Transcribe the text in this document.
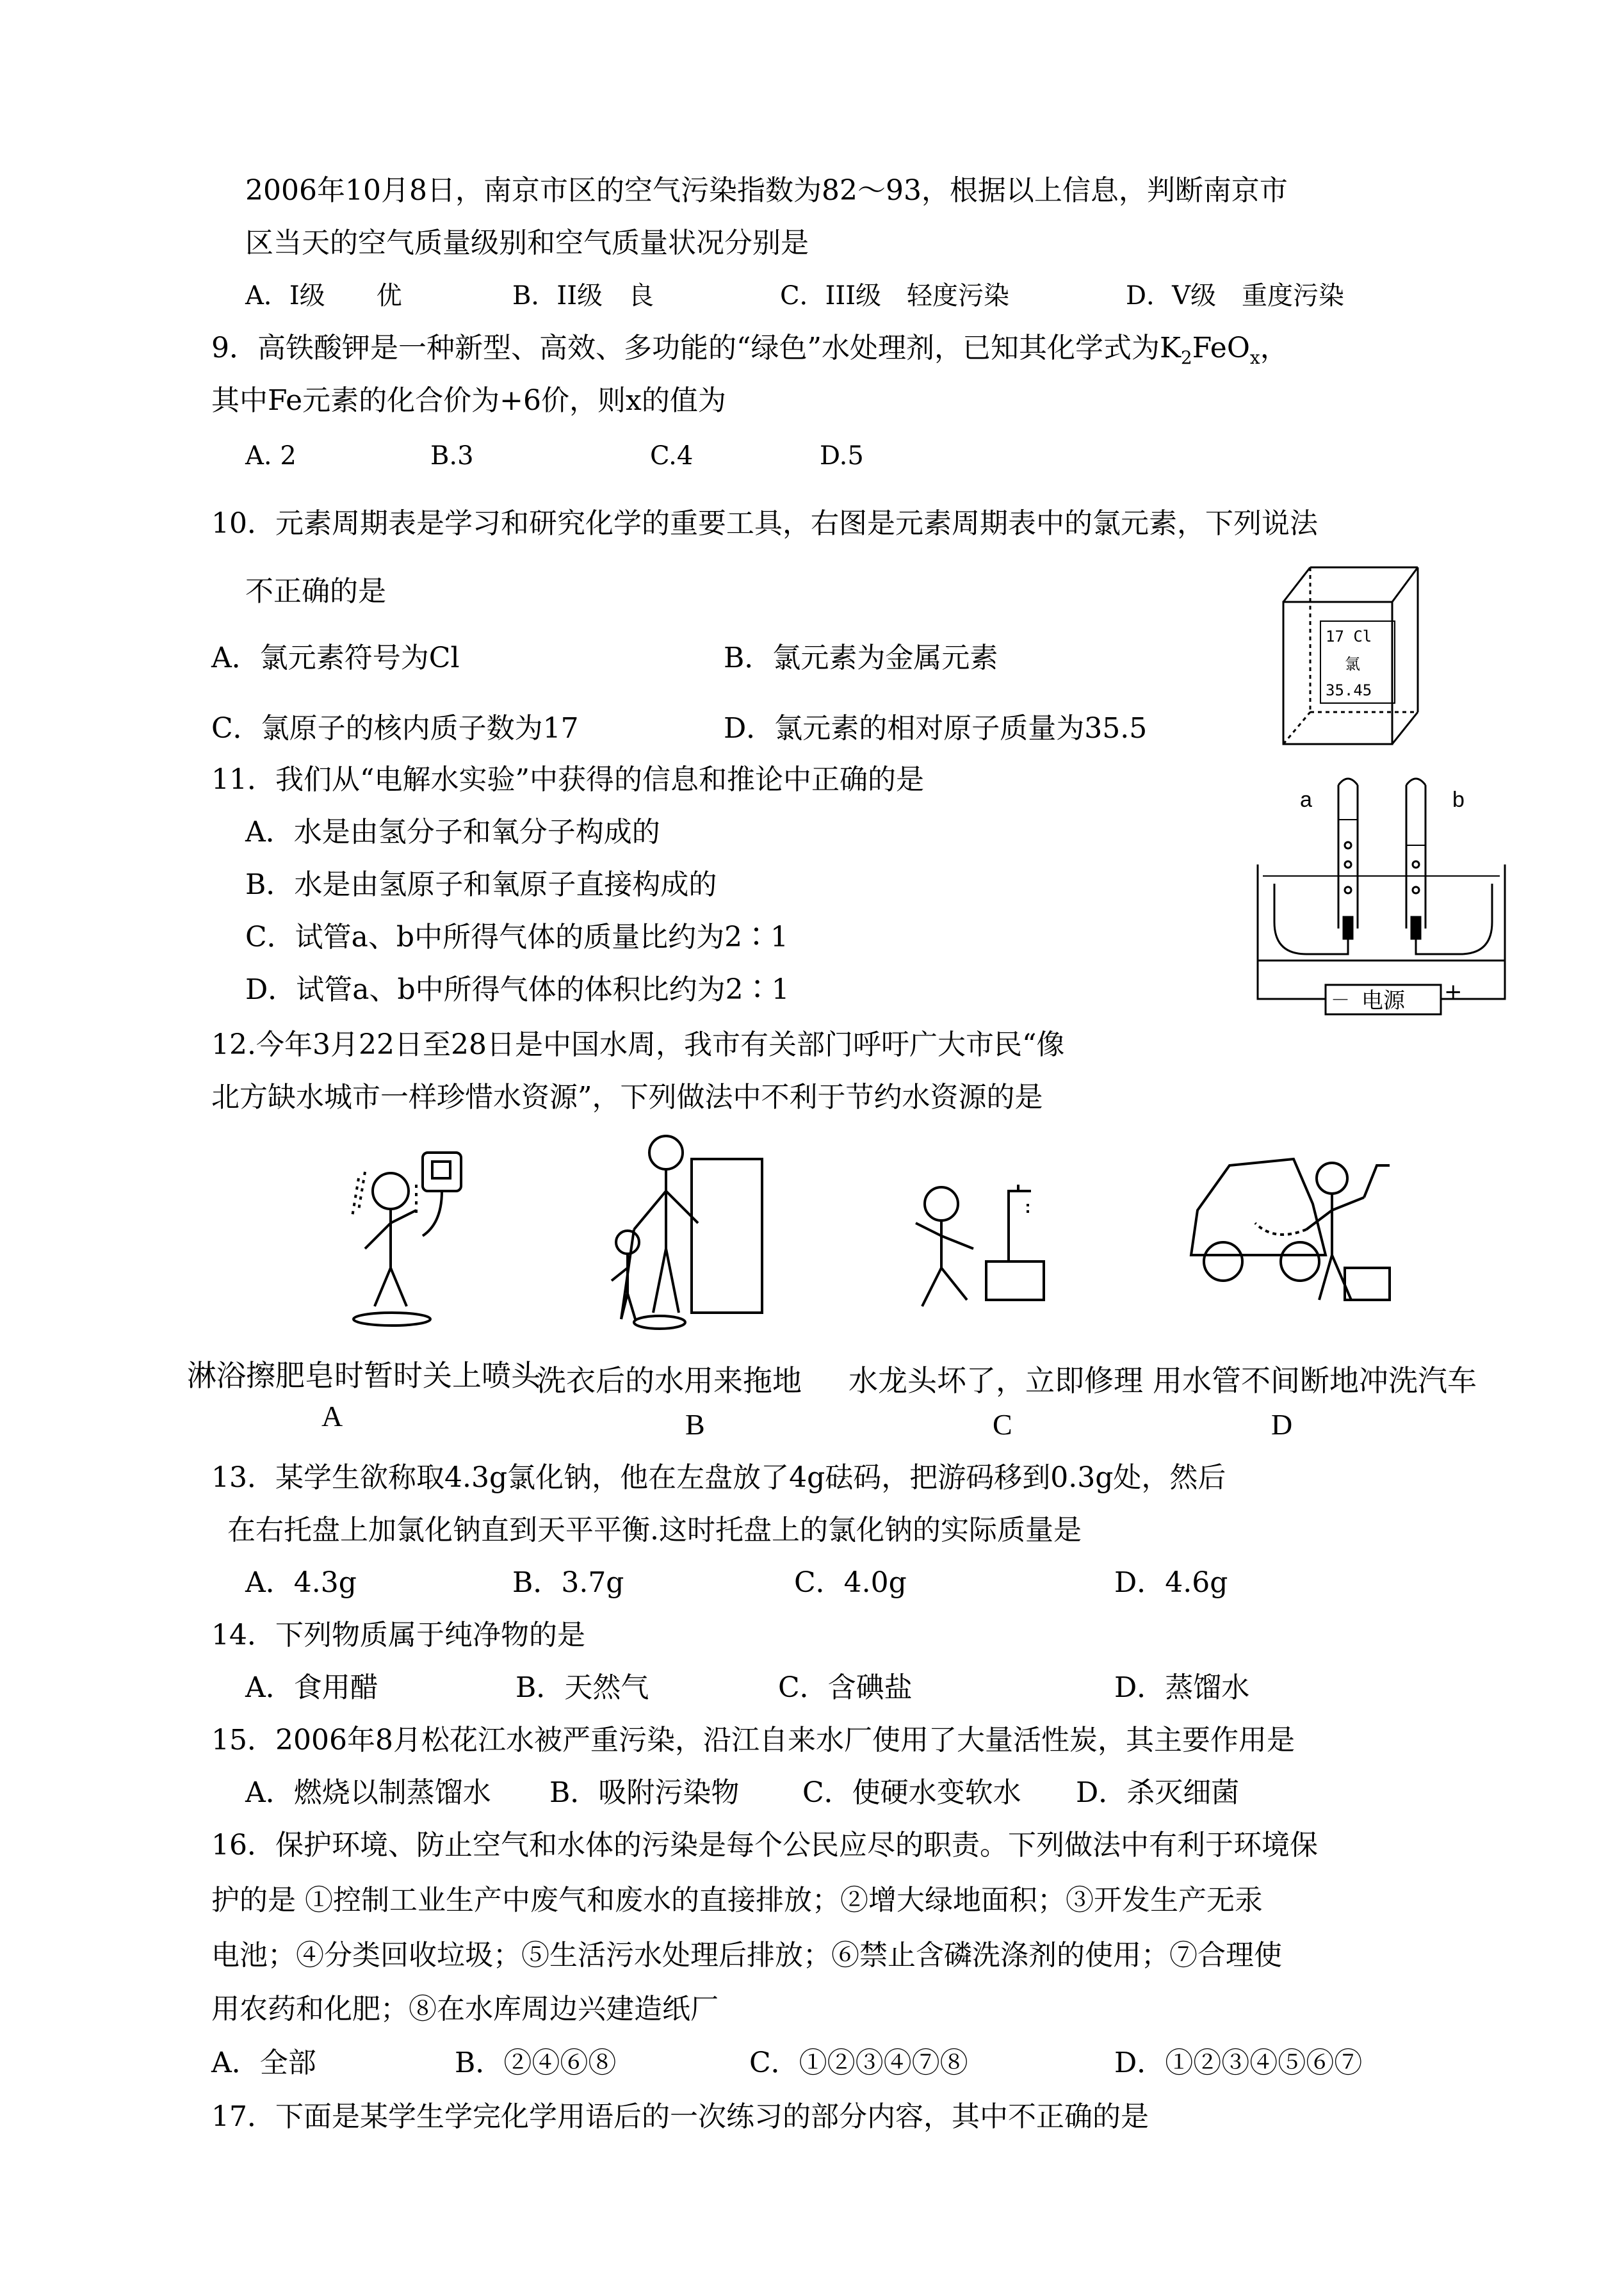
2006年10月8日，南京市区的空气污染指数为82～93，根据以上信息，判断南京市
区当天的空气质量级别和空气质量状况分别是
A．I级　　优	B．II级　良	C．III级　轻度污染	D．V级　重度污染
9．高铁酸钾是一种新型、高效、多功能的“绿色”水处理剂，已知其化学式为$K_2FeO_x$，
其中Fe元素的化合价为+6价，则x的值为
A. 2	B.3	C.4	D.5
10．元素周期表是学习和研究化学的重要工具，右图是元素周期表中的氯元素，下列说法
不正确的是
A．氯元素符号为Cl	B．氯元素为金属元素
C．氯原子的核内质子数为17	D．氯元素的相对原子质量为35.5
17 Cl
氯
35.45
11．我们从“电解水实验”中获得的信息和推论中正确的是
A．水是由氢分子和氧分子构成的
B．水是由氢原子和氧原子直接构成的
C．试管a、b中所得气体的质量比约为2∶1
D．试管a、b中所得气体的体积比约为2∶1
a	b
－ 电源 +
12.今年3月22日至28日是中国水周，我市有关部门呼吁广大市民“像
北方缺水城市一样珍惜水资源”，下列做法中不利于节约水资源的是
淋浴擦肥皂时暂时关上喷头
洗衣后的水用来拖地 水龙头坏了，立即修理 用水管不间断地冲洗汽车
A	B	C	D
13．某学生欲称取4.3g氯化钠，他在左盘放了4g砝码，把游码移到0.3g处，然后
在右托盘上加氯化钠直到天平平衡.这时托盘上的氯化钠的实际质量是
A．4.3g	B．3.7g	C．4.0g	D．4.6g
14．下列物质属于纯净物的是
A．食用醋	B．天然气	C．含碘盐	D．蒸馏水
15．2006年8月松花江水被严重污染，沿江自来水厂使用了大量活性炭，其主要作用是
A．燃烧以制蒸馏水 B．吸附污染物 C．使硬水变软水 D．杀灭细菌
16．保护环境、防止空气和水体的污染是每个公民应尽的职责。下列做法中有利于环境保
护的是 ①控制工业生产中废气和废水的直接排放；②增大绿地面积；③开发生产无汞
电池；④分类回收垃圾；⑤生活污水处理后排放；⑥禁止含磷洗涤剂的使用；⑦合理使
用农药和化肥；⑧在水库周边兴建造纸厂
A．全部	B．②④⑥⑧	C．①②③④⑦⑧	D．①②③④⑤⑥⑦
17．下面是某学生学完化学用语后的一次练习的部分内容，其中不正确的是
